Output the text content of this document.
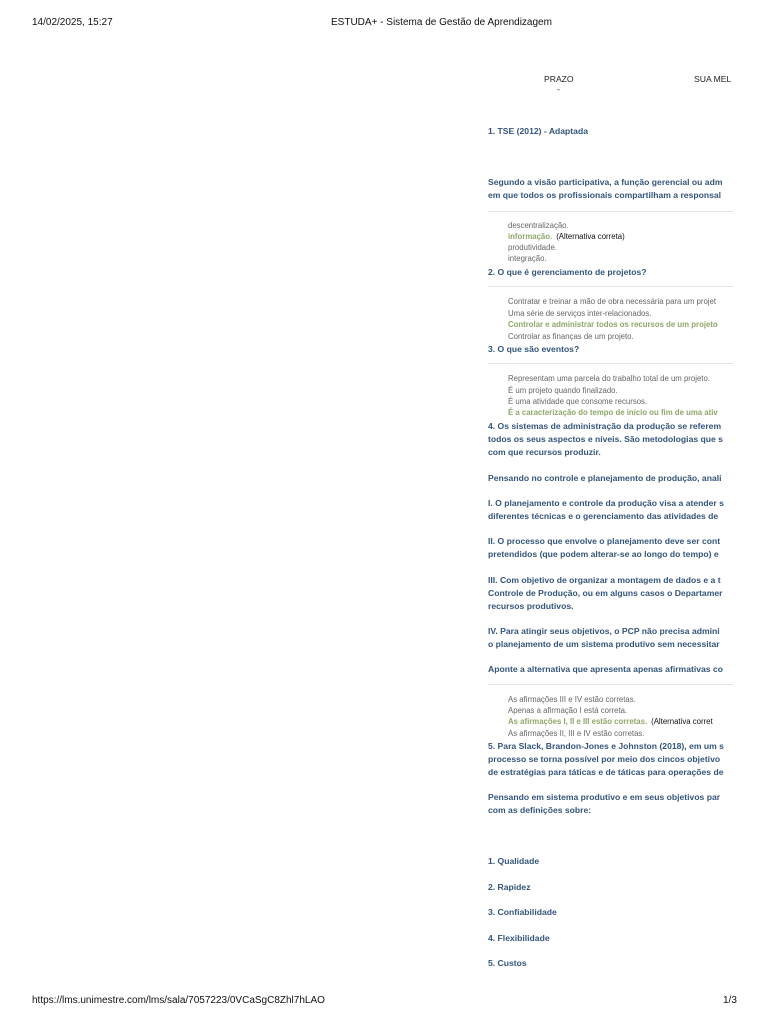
14/02/2025, 15:27	ESTUDA+ - Sistema de Gestão de Aprendizagem
PRAZO
-
SUA MEL
1. TSE (2012) - Adaptada
Segundo a visão participativa, a função gerencial ou adm
em que todos os profissionais compartilham a responsal
descentralização.
informação. (Alternativa correta)
produtividade.
integração.
2. O que é gerenciamento de projetos?
Contratar e treinar a mão de obra necessária para um projet
Uma série de serviços inter-relacionados.
Controlar e administrar todos os recursos de um projeto
Controlar as finanças de um projeto.
3. O que são eventos?
Representam uma parcela do trabalho total de um projeto.
É um projeto quando finalizado.
É uma atividade que consome recursos.
É a caracterização do tempo de início ou fim de uma ativ
4. Os sistemas de administração da produção se referem
todos os seus aspectos e níveis. São metodologias que s
com que recursos produzir.
Pensando no controle e planejamento de produção, anali
I. O planejamento e controle da produção visa a atender s
diferentes técnicas e o gerenciamento das atividades de
II. O processo que envolve o planejamento deve ser cont
pretendidos (que podem alterar-se ao longo do tempo) e
III. Com objetivo de organizar a montagem de dados e a t
Controle de Produção, ou em alguns casos o Departamer
recursos produtivos.
IV. Para atingir seus objetivos, o PCP não precisa admini
o planejamento de um sistema produtivo sem necessitar
Aponte a alternativa que apresenta apenas afirmativas co
As afirmações III e IV estão corretas.
Apenas a afirmação I está correta.
As afirmações I, II e III estão corretas. (Alternativa corret
As afirmações II, III e IV estão corretas.
5. Para Slack, Brandon-Jones e Johnston (2018), em um s
processo se torna possível por meio dos cincos objetivo
de estratégias para táticas e de táticas para operações de
Pensando em sistema produtivo e em seus objetivos par
com as definições sobre:
1. Qualidade
2. Rapidez
3. Confiabilidade
4. Flexibilidade
5. Custos
https://lms.unimestre.com/lms/sala/7057223/0VCaSgC8Zhl7hLAO	1/3
